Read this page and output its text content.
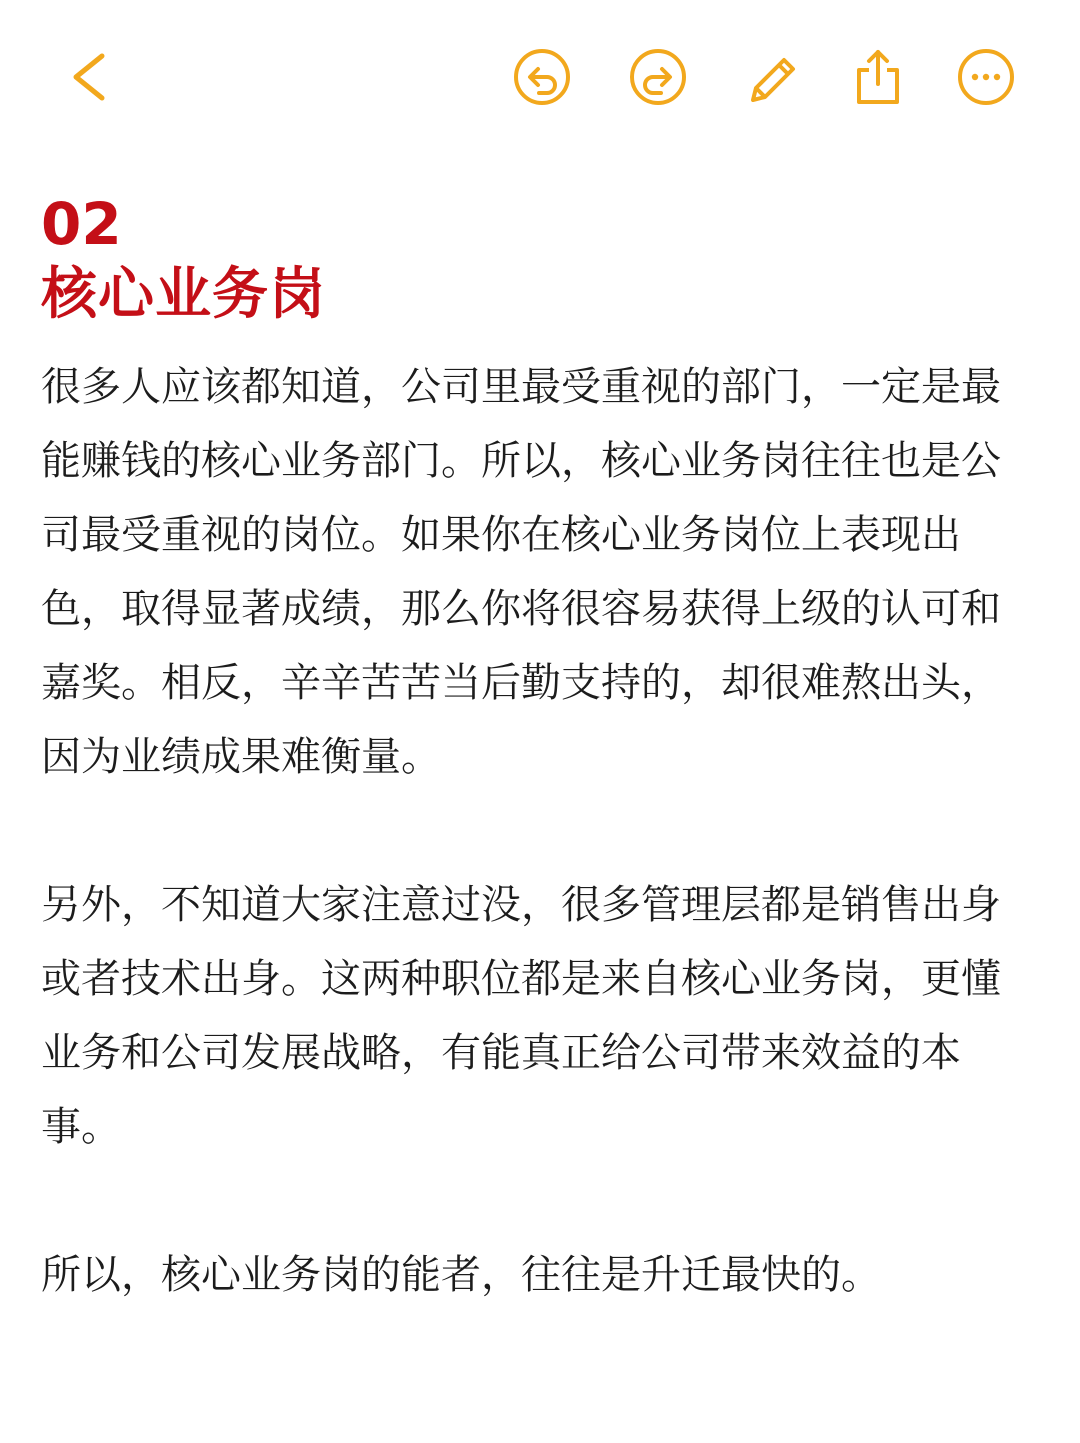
02
核心业务岗

很多人应该都知道，公司里最受重视的部门，一定是最能赚钱的核心业务部门。所以，核心业务岗往往也是公司最受重视的岗位。如果你在核心业务岗位上表现出色，取得显著成绩，那么你将很容易获得上级的认可和嘉奖。相反，辛辛苦苦当后勤支持的，却很难熬出头，因为业绩成果难衡量。

另外，不知道大家注意过没，很多管理层都是销售出身或者技术出身。这两种职位都是来自核心业务岗，更懂业务和公司发展战略，有能真正给公司带来效益的本事。

所以，核心业务岗的能者，往往是升迁最快的。
